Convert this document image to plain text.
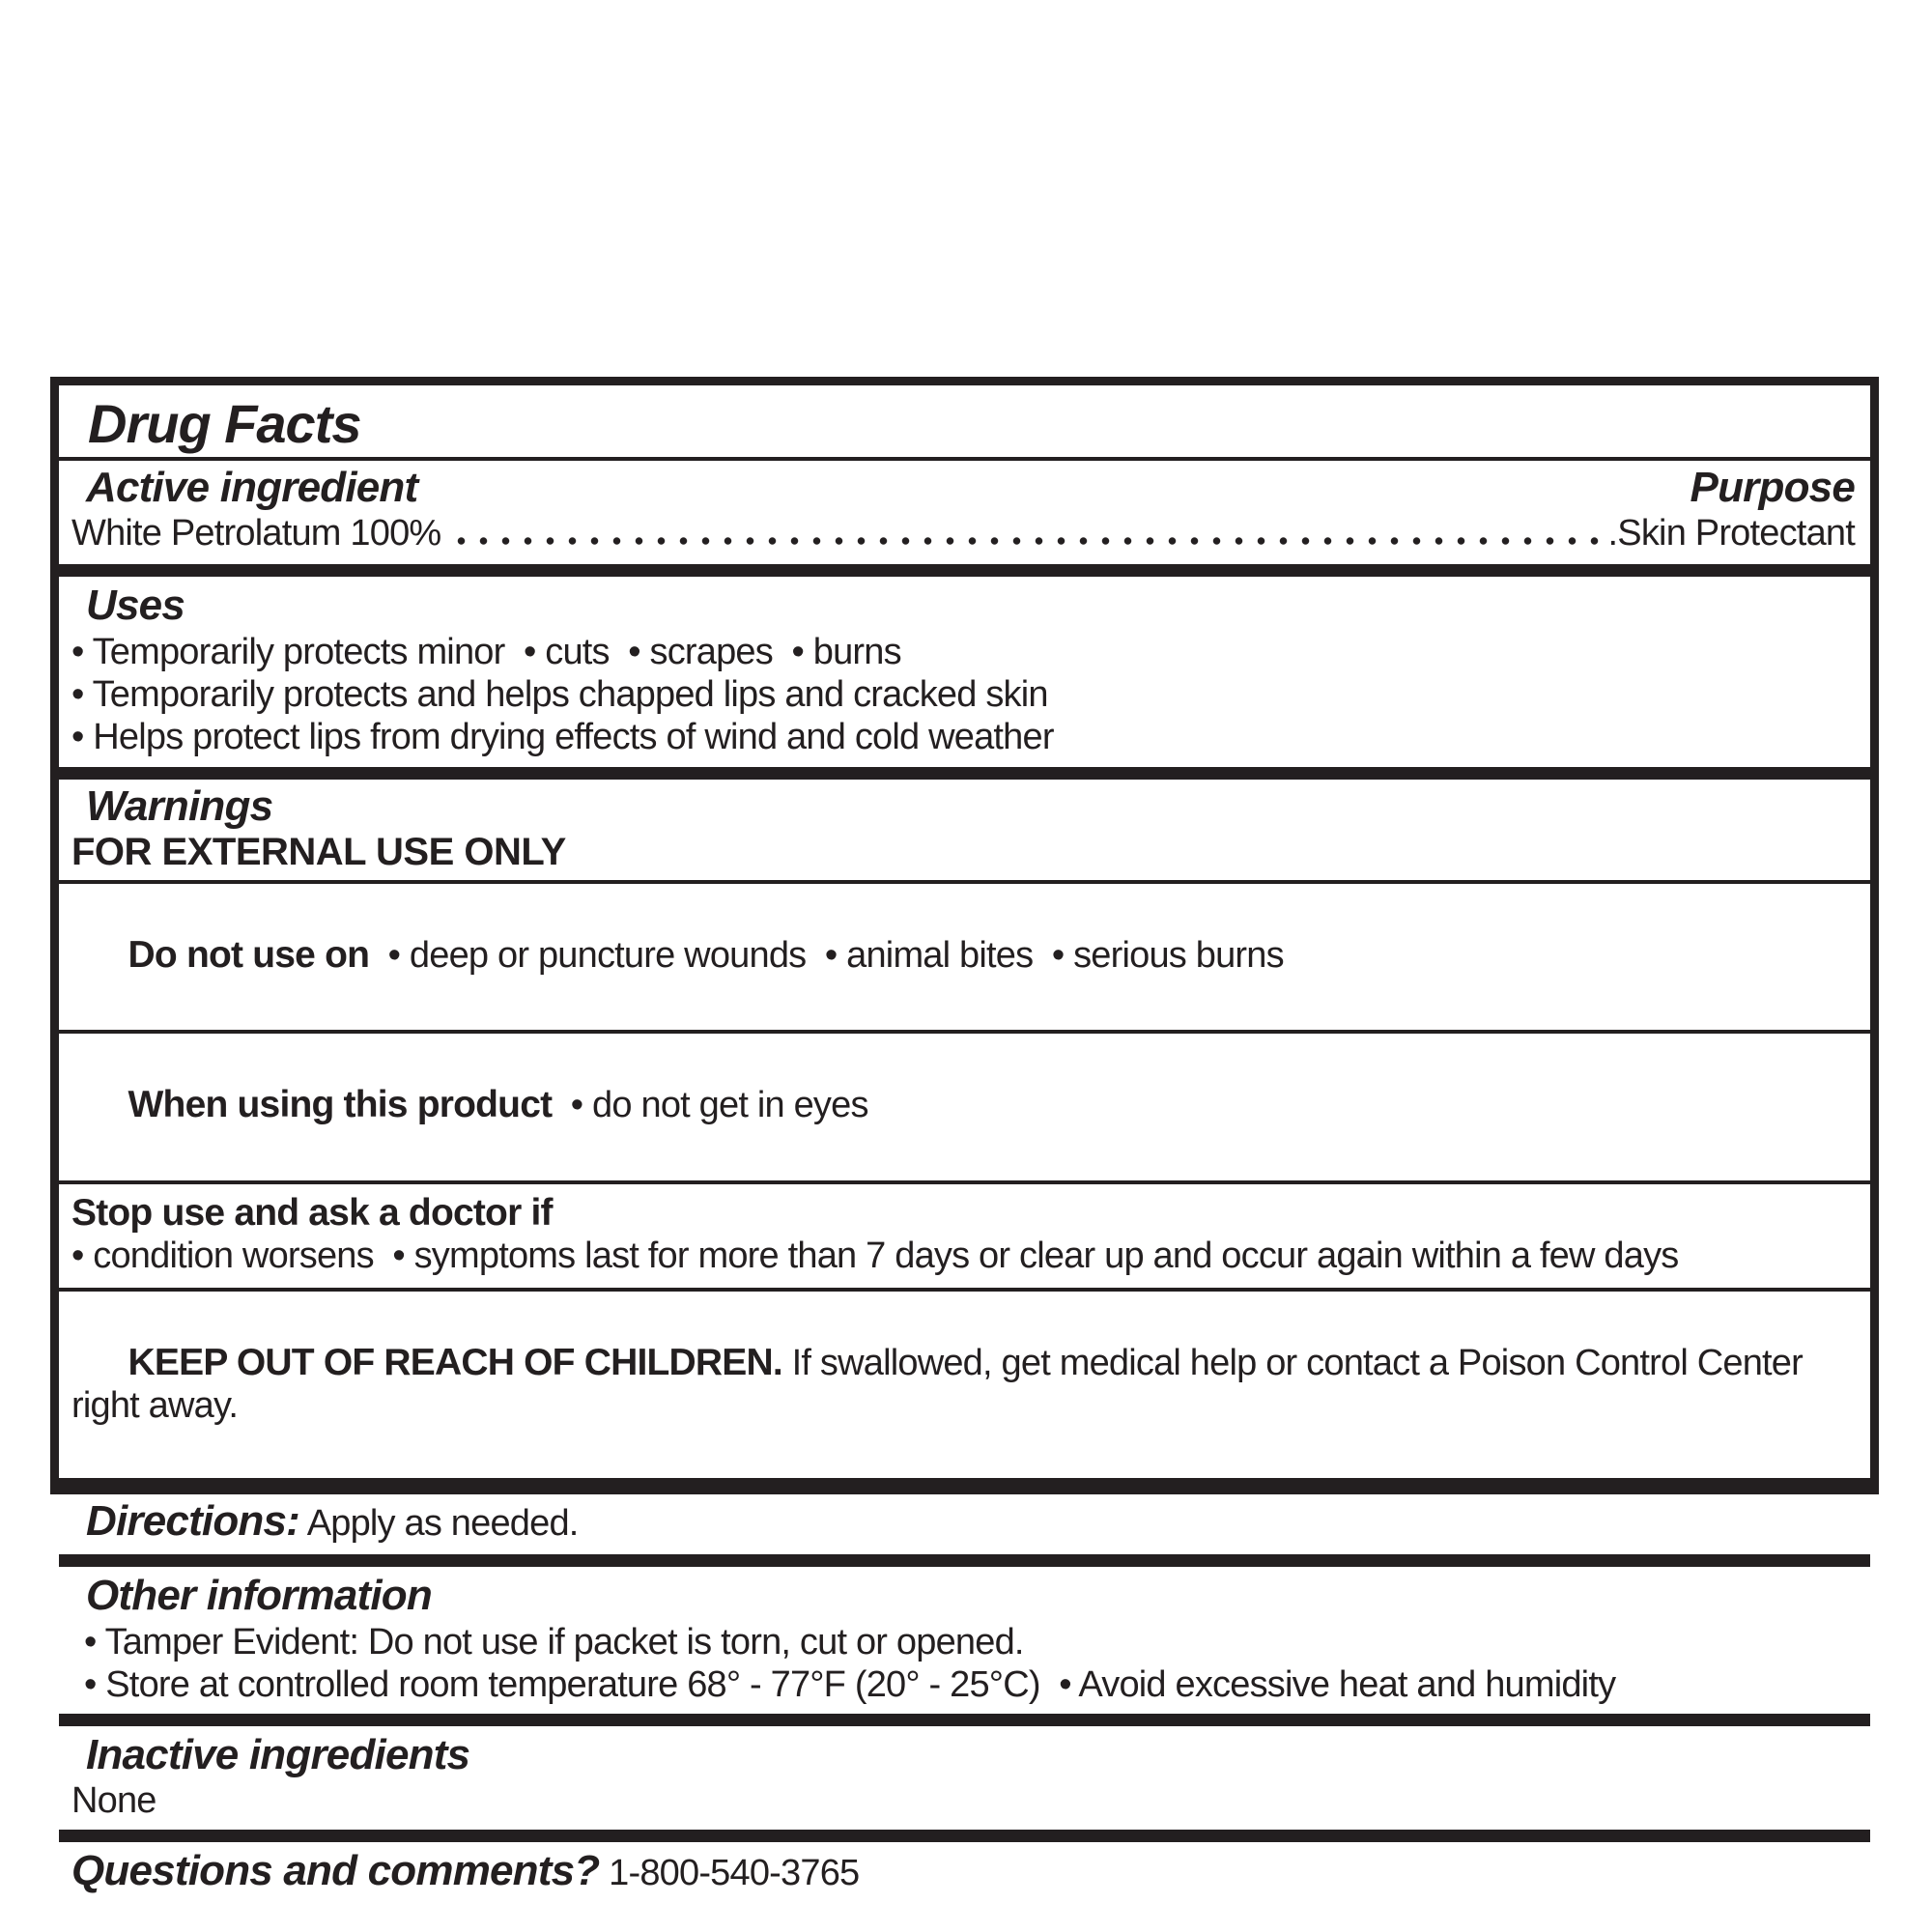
Drug Facts
Active ingredient	Purpose
White Petrolatum 100%	.Skin Protectant
Uses
• Temporarily protects minor  • cuts  • scrapes  • burns
• Temporarily protects and helps chapped lips and cracked skin
• Helps protect lips from drying effects of wind and cold weather
Warnings
FOR EXTERNAL USE ONLY

Do not use on  • deep or puncture wounds  • animal bites  • serious burns

When using this product  • do not get in eyes

Stop use and ask a doctor if
• condition worsens  • symptoms last for more than 7 days or clear up and occur again within a few days

KEEP OUT OF REACH OF CHILDREN. If swallowed, get medical help or contact a Poison Control Center right away.

Directions: Apply as needed.
Other information
• Tamper Evident: Do not use if packet is torn, cut or opened.
• Store at controlled room temperature 68° - 77°F (20° - 25°C)  • Avoid excessive heat and humidity
Inactive ingredients
None
Questions and comments? 1-800-540-3765
